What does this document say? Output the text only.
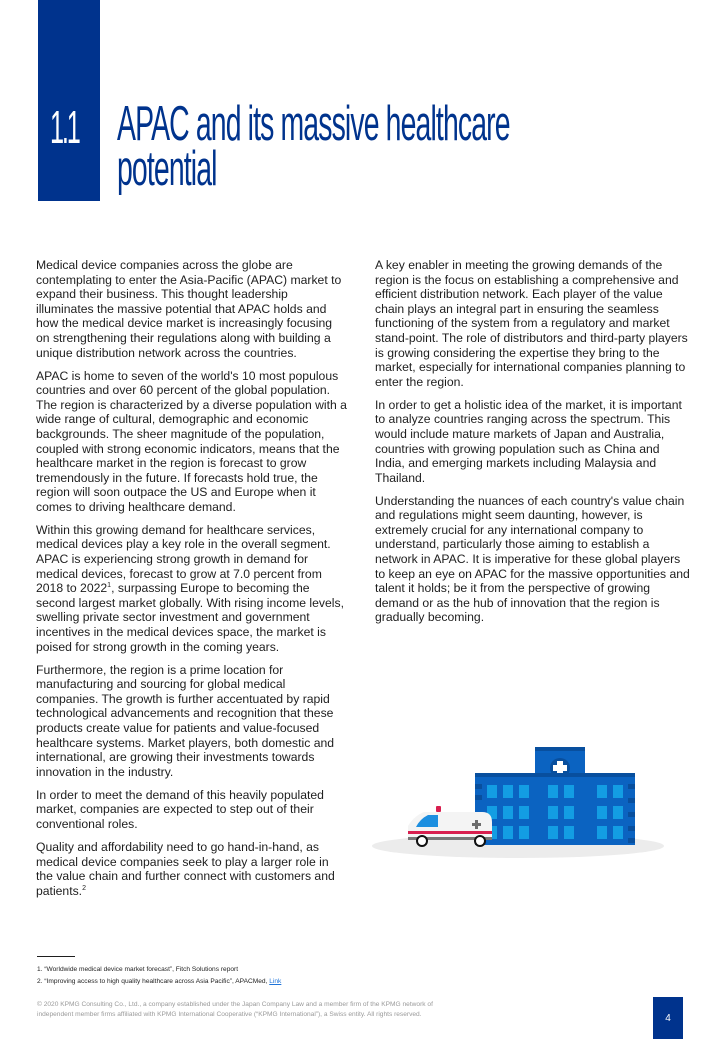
1.1 APAC and its massive healthcare
potential

Medical device companies across the globe are contemplating to enter the Asia-Pacific (APAC) market to expand their business. This thought leadership illuminates the massive potential that APAC holds and how the medical device market is increasingly focusing on strengthening their regulations along with building a unique distribution network across the countries.

APAC is home to seven of the world's 10 most populous countries and over 60 percent of the global population. The region is characterized by a diverse population with a wide range of cultural, demographic and economic backgrounds. The sheer magnitude of the population, coupled with strong economic indicators, means that the healthcare market in the region is forecast to grow tremendously in the future. If forecasts hold true, the region will soon outpace the US and Europe when it comes to driving healthcare demand.

Within this growing demand for healthcare services, medical devices play a key role in the overall segment. APAC is experiencing strong growth in demand for medical devices, forecast to grow at 7.0 percent from 2018 to 2022$^1$, surpassing Europe to becoming the second largest market globally. With rising income levels, swelling private sector investment and government incentives in the medical devices space, the market is poised for strong growth in the coming years.

Furthermore, the region is a prime location for manufacturing and sourcing for global medical companies. The growth is further accentuated by rapid technological advancements and recognition that these products create value for patients and value-focused healthcare systems. Market players, both domestic and international, are growing their investments towards innovation in the industry.

In order to meet the demand of this heavily populated market, companies are expected to step out of their conventional roles.

Quality and affordability need to go hand-in-hand, as medical device companies seek to play a larger role in the value chain and further connect with customers and patients.$^2$

A key enabler in meeting the growing demands of the region is the focus on establishing a comprehensive and efficient distribution network. Each player of the value chain plays an integral part in ensuring the seamless functioning of the system from a regulatory and market stand-point. The role of distributors and third-party players is growing considering the expertise they bring to the market, especially for international companies planning to enter the region.

In order to get a holistic idea of the market, it is important to analyze countries ranging across the spectrum. This would include mature markets of Japan and Australia, countries with growing population such as China and India, and emerging markets including Malaysia and Thailand.

Understanding the nuances of each country's value chain and regulations might seem daunting, however, is extremely crucial for any international company to understand, particularly those aiming to establish a network in APAC. It is imperative for these global players to keep an eye on APAC for the massive opportunities and talent it holds; be it from the perspective of growing demand or as the hub of innovation that the region is gradually becoming.

1. “Worldwide medical device market forecast”, Fitch Solutions report
2. “Improving access to high quality healthcare across Asia Pacific”, APACMed, Link
© 2020 KPMG Consulting Co., Ltd., a company established under the Japan Company Law and a member firm of the KPMG network of
independent member firms affiliated with KPMG International Cooperative (“KPMG International”), a Swiss entity. All rights reserved.	4
